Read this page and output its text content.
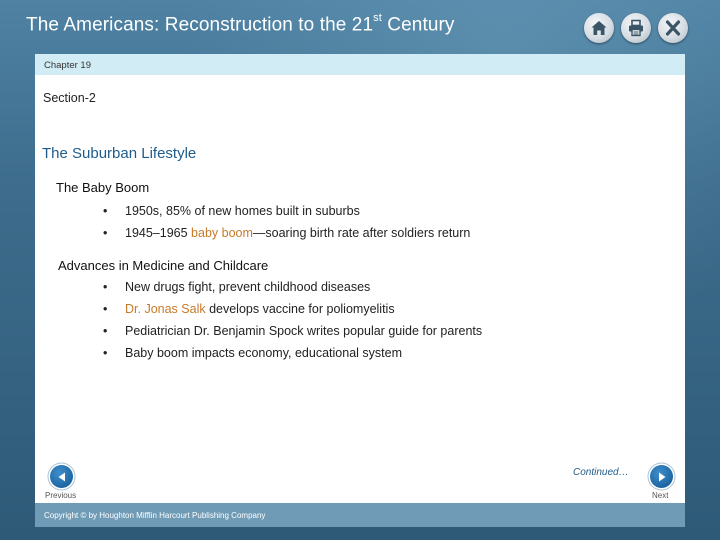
The Americans: Reconstruction to the 21st Century
Chapter 19
Section-2
The Suburban Lifestyle
The Baby Boom
• 1950s, 85% of new homes built in suburbs
• 1945–1965 baby boom—soaring birth rate after soldiers return
Advances in Medicine and Childcare
• New drugs fight, prevent childhood diseases
• Dr. Jonas Salk develops vaccine for poliomyelitis
• Pediatrician Dr. Benjamin Spock writes popular guide for parents
• Baby boom impacts economy, educational system
Continued…
Previous	Next
Copyright © by Houghton Mifflin Harcourt Publishing Company
